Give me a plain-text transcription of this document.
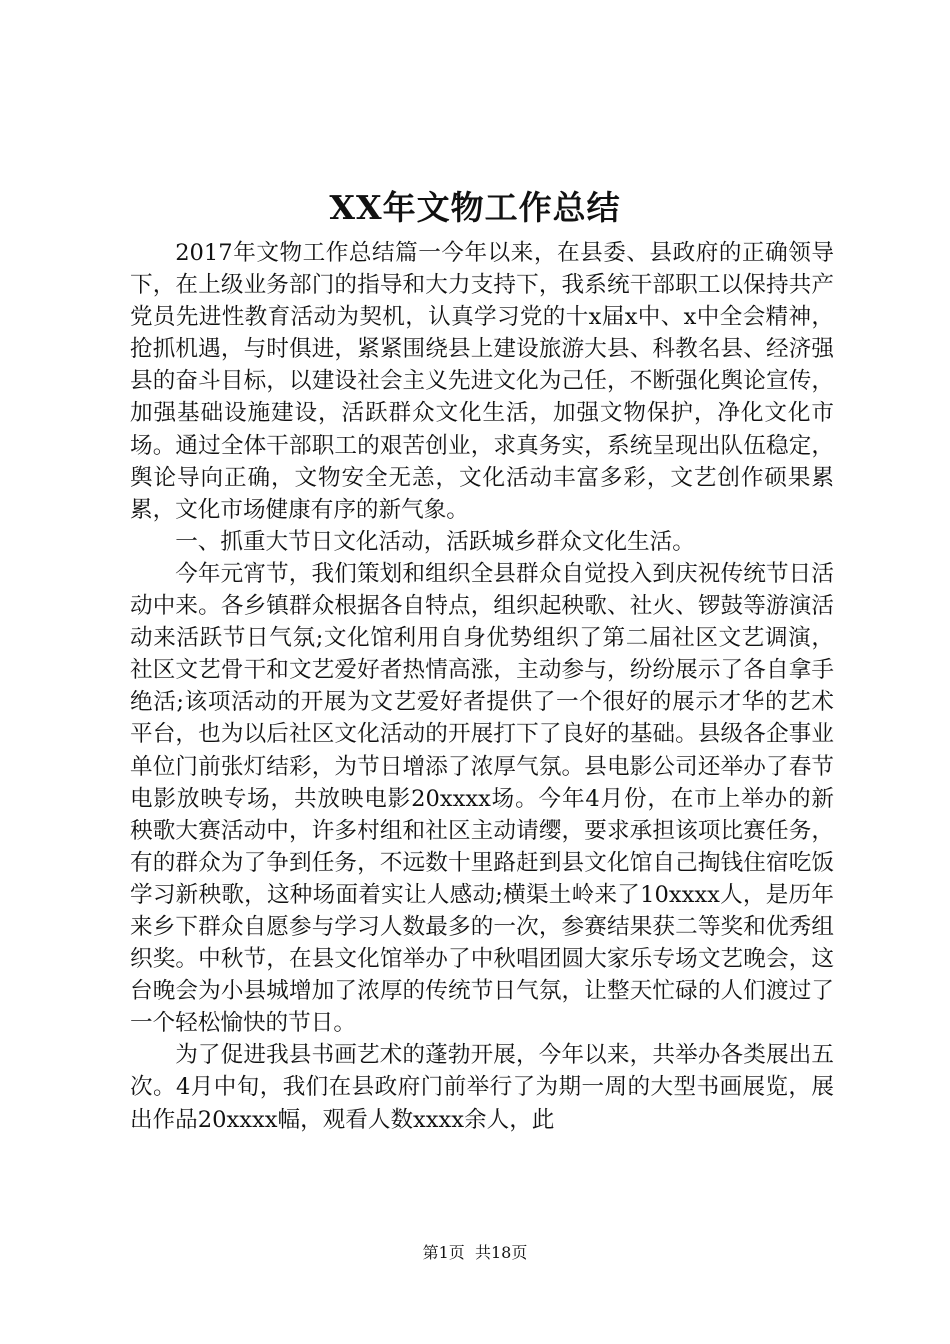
XX年文物工作总结

2017年文物工作总结篇一今年以来，在县委、县政府的正确领导下，在上级业务部门的指导和大力支持下，我系统干部职工以保持共产党员先进性教育活动为契机，认真学习党的十x届x中、x中全会精神，抢抓机遇，与时俱进，紧紧围绕县上建设旅游大县、科教名县、经济强县的奋斗目标，以建设社会主义先进文化为己任，不断强化舆论宣传，加强基础设施建设，活跃群众文化生活，加强文物保护，净化文化市场。通过全体干部职工的艰苦创业，求真务实，系统呈现出队伍稳定，舆论导向正确，文物安全无恙，文化活动丰富多彩，文艺创作硕果累累，文化市场健康有序的新气象。

一、抓重大节日文化活动，活跃城乡群众文化生活。

今年元宵节，我们策划和组织全县群众自觉投入到庆祝传统节日活动中来。各乡镇群众根据各自特点，组织起秧歌、社火、锣鼓等游演活动来活跃节日气氛;文化馆利用自身优势组织了第二届社区文艺调演，社区文艺骨干和文艺爱好者热情高涨，主动参与，纷纷展示了各自拿手绝活;该项活动的开展为文艺爱好者提供了一个很好的展示才华的艺术平台，也为以后社区文化活动的开展打下了良好的基础。县级各企事业单位门前张灯结彩，为节日增添了浓厚气氛。县电影公司还举办了春节电影放映专场，共放映电影20xxxx场。今年4月份，在市上举办的新秧歌大赛活动中，许多村组和社区主动请缨，要求承担该项比赛任务，有的群众为了争到任务，不远数十里路赶到县文化馆自己掏钱住宿吃饭学习新秧歌，这种场面着实让人感动;横渠土岭来了10xxxx人，是历年来乡下群众自愿参与学习人数最多的一次，参赛结果获二等奖和优秀组织奖。中秋节，在县文化馆举办了中秋唱团圆大家乐专场文艺晚会，这台晚会为小县城增加了浓厚的传统节日气氛，让整天忙碌的人们渡过了一个轻松愉快的节日。

为了促进我县书画艺术的蓬勃开展，今年以来，共举办各类展出五次。4月中旬，我们在县政府门前举行了为期一周的大型书画展览，展出作品20xxxx幅，观看人数xxxx余人，此

第1页 共18页
